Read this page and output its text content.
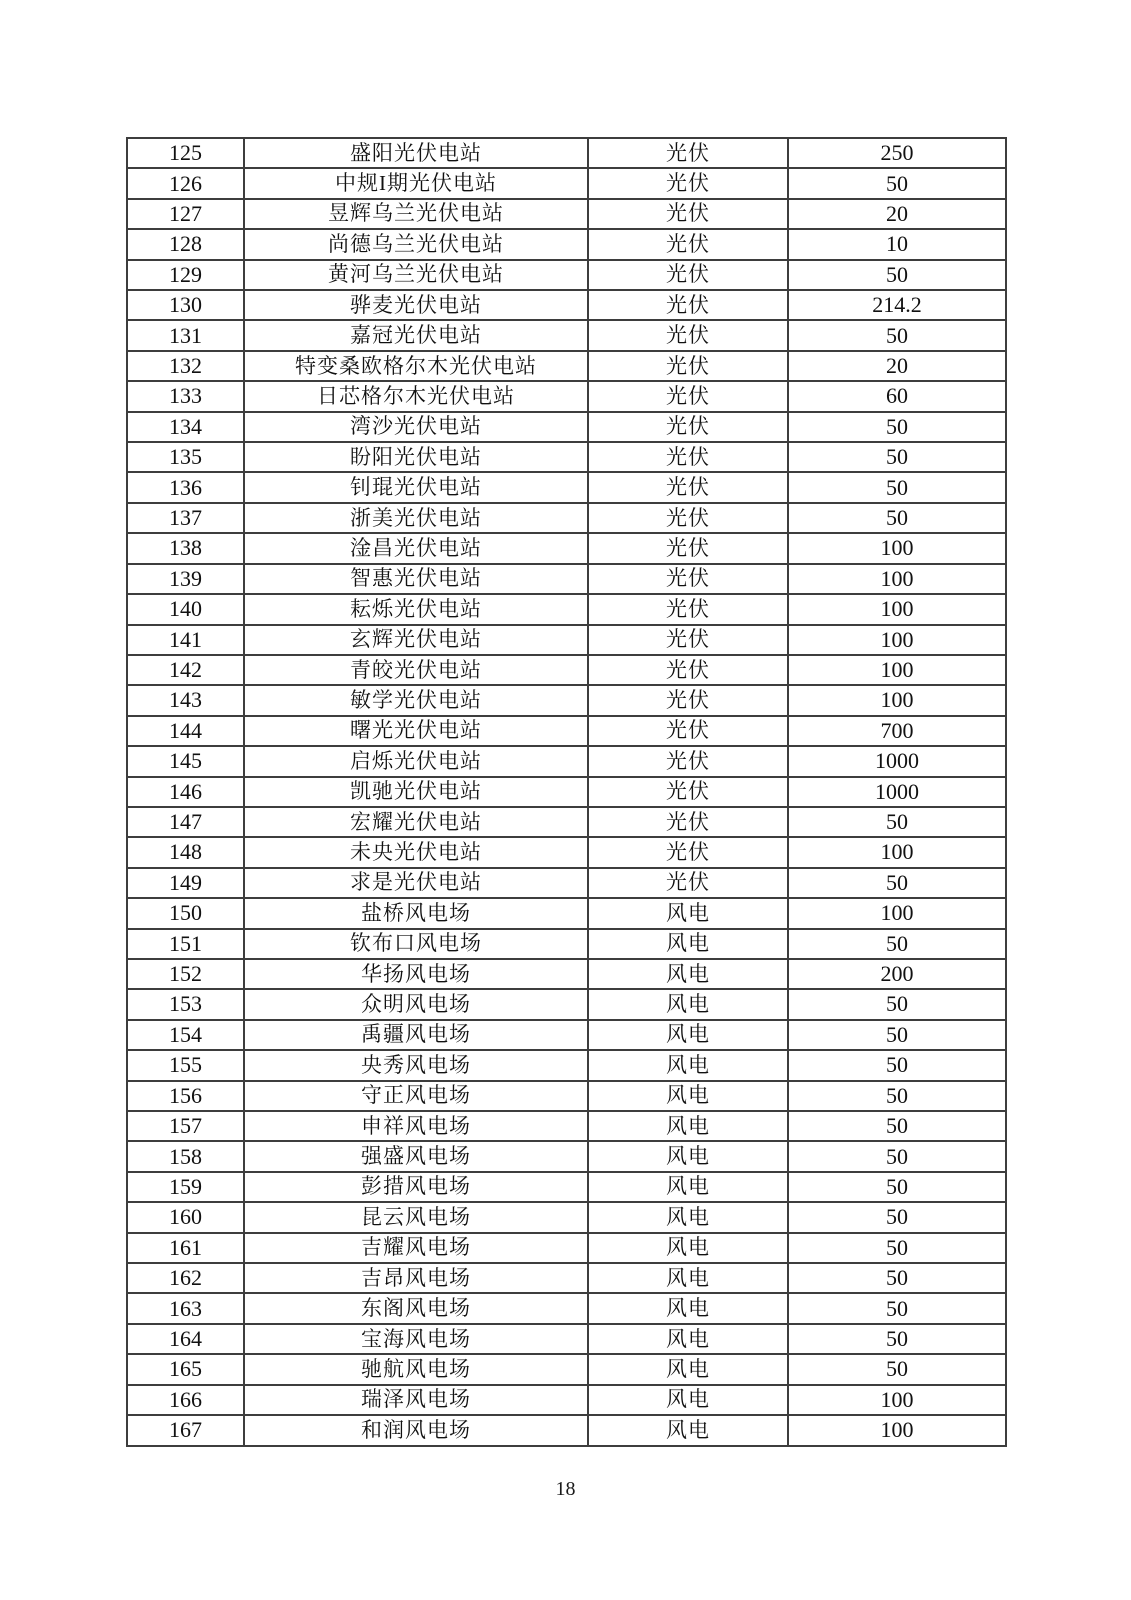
125	盛阳光伏电站	光伏	250
126	中规I期光伏电站	光伏	50
127	昱辉乌兰光伏电站	光伏	20
128	尚德乌兰光伏电站	光伏	10
129	黄河乌兰光伏电站	光伏	50
130	骅麦光伏电站	光伏	214.2
131	嘉冠光伏电站	光伏	50
132	特变桑欧格尔木光伏电站	光伏	20
133	日芯格尔木光伏电站	光伏	60
134	湾沙光伏电站	光伏	50
135	盼阳光伏电站	光伏	50
136	钊琨光伏电站	光伏	50
137	浙美光伏电站	光伏	50
138	淦昌光伏电站	光伏	100
139	智惠光伏电站	光伏	100
140	耘烁光伏电站	光伏	100
141	玄辉光伏电站	光伏	100
142	青皎光伏电站	光伏	100
143	敏学光伏电站	光伏	100
144	曙光光伏电站	光伏	700
145	启烁光伏电站	光伏	1000
146	凯驰光伏电站	光伏	1000
147	宏耀光伏电站	光伏	50
148	未央光伏电站	光伏	100
149	求是光伏电站	光伏	50
150	盐桥风电场	风电	100
151	钦布口风电场	风电	50
152	华扬风电场	风电	200
153	众明风电场	风电	50
154	禹疆风电场	风电	50
155	央秀风电场	风电	50
156	守正风电场	风电	50
157	申祥风电场	风电	50
158	强盛风电场	风电	50
159	彭措风电场	风电	50
160	昆云风电场	风电	50
161	吉耀风电场	风电	50
162	吉昂风电场	风电	50
163	东阁风电场	风电	50
164	宝海风电场	风电	50
165	驰航风电场	风电	50
166	瑞泽风电场	风电	100
167	和润风电场	风电	100
18
